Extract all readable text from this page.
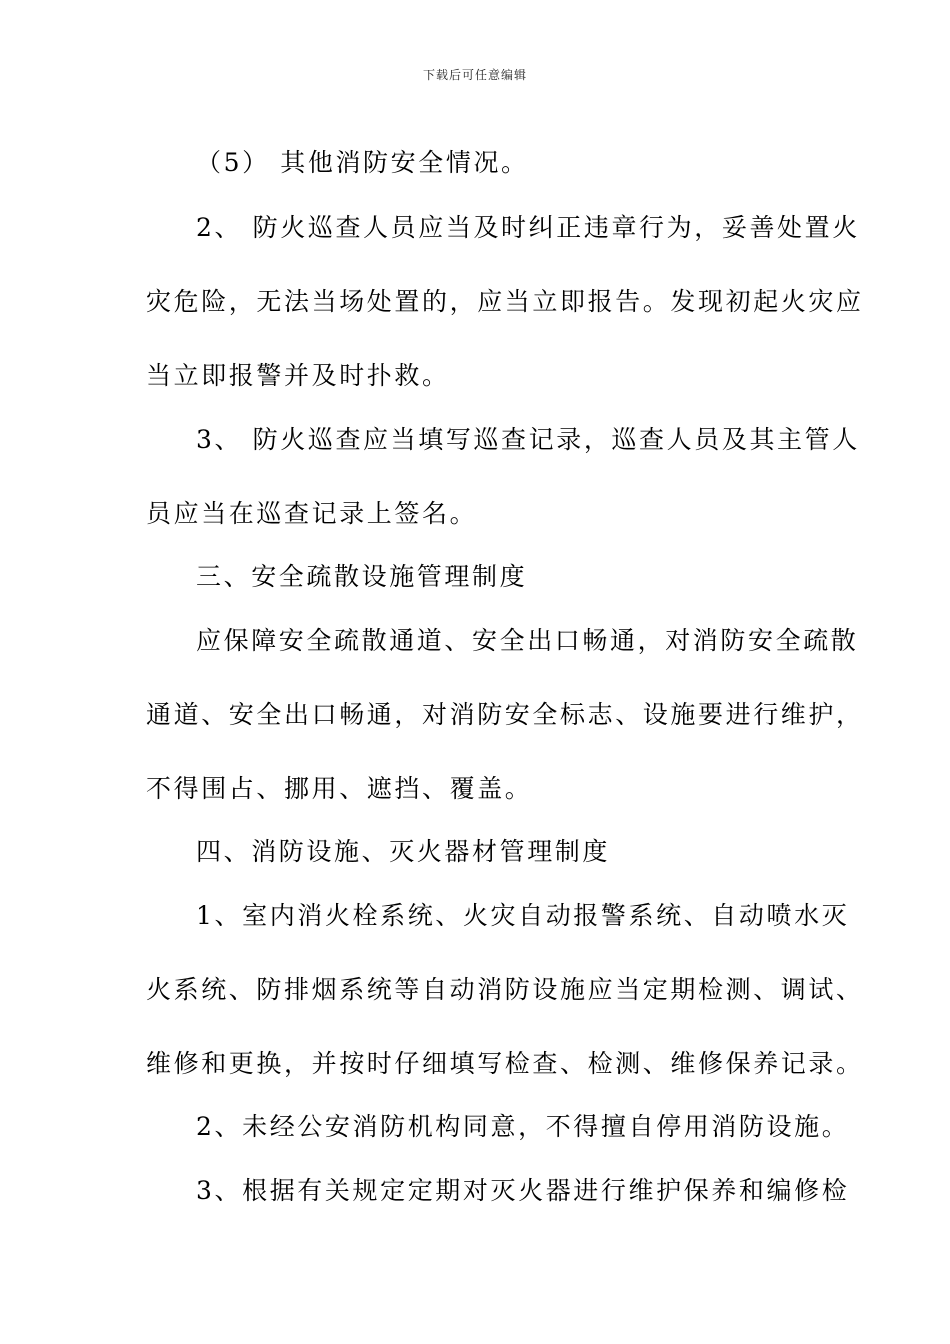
下载后可任意编辑
（5） 其他消防安全情况。
2、 防火巡查人员应当及时纠正违章行为，妥善处置火
灾危险，无法当场处置的，应当立即报告。发现初起火灾应
当立即报警并及时扑救。
3、 防火巡查应当填写巡查记录，巡查人员及其主管人
员应当在巡查记录上签名。
三、安全疏散设施管理制度
应保障安全疏散通道、安全出口畅通，对消防安全疏散
通道、安全出口畅通，对消防安全标志、设施要进行维护，
不得围占、挪用、遮挡、覆盖。
四、消防设施、灭火器材管理制度
1、室内消火栓系统、火灾自动报警系统、自动喷水灭
火系统、防排烟系统等自动消防设施应当定期检测、调试、
维修和更换，并按时仔细填写检查、检测、维修保养记录。
2、未经公安消防机构同意，不得擅自停用消防设施。
3、根据有关规定定期对灭火器进行维护保养和编修检
